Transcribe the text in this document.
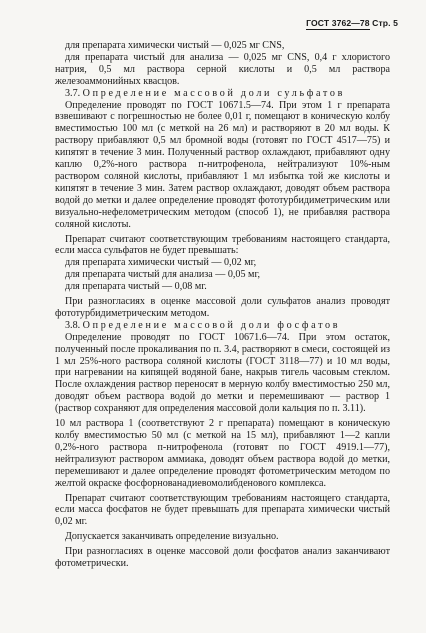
ГОСТ 3762—78 Стр. 5

для препарата химически чистый — 0,025 мг CNS,

для препарата чистый для анализа — 0,025 мг CNS, 0,4 г хлористого натрия, 0,5 мл раствора серной кислоты и 0,5 мл раствора железоаммонийных квасцов.

3.7. Определение массовой доли сульфатов

Определение проводят по ГОСТ 10671.5—74. При этом 1 г препарата взвешивают с погрешностью не более 0,01 г, помещают в коническую колбу вместимостью 100 мл (с меткой на 26 мл) и растворяют в 20 мл воды. К раствору прибавляют 0,5 мл бромной воды (готовят по ГОСТ 4517—75) и кипятят в течение 3 мин. Полученный раствор охлаждают, прибавляют одну каплю 0,2%-ного раствора п-нитрофенола, нейтрализуют 10%-ным раствором соляной кислоты, прибавляют 1 мл избытка той же кислоты и кипятят в течение 3 мин. Затем раствор охлаждают, доводят объем раствора водой до метки и далее определение проводят фототурбидиметрическим или визуально-нефелометрическим методом (способ 1), не прибавляя раствора соляной кислоты.

Препарат считают соответствующим требованиям настоящего стандарта, если масса сульфатов не будет превышать:

для препарата химически чистый — 0,02 мг,

для препарата чистый для анализа — 0,05 мг,

для препарата чистый — 0,08 мг.

При разногласиях в оценке массовой доли сульфатов анализ проводят фототурбидиметрическим методом.

3.8. Определение массовой доли фосфатов

Определение проводят по ГОСТ 10671.6—74. При этом остаток, полученный после прокаливания по п. 3.4, растворяют в смеси, состоящей из 1 мл 25%-ного раствора соляной кислоты (ГОСТ 3118—77) и 10 мл воды, при нагревании на кипящей водяной бане, накрыв тигель часовым стеклом. После охлаждения раствор переносят в мерную колбу вместимостью 250 мл, доводят объем раствора водой до метки и перемешивают — раствор 1 (раствор сохраняют для определения массовой доли кальция по п. 3.11).

10 мл раствора 1 (соответствуют 2 г препарата) помещают в коническую колбу вместимостью 50 мл (с меткой на 15 мл), прибавляют 1—2 капли 0,2%-ного раствора п-нитрофенола (готовят по ГОСТ 4919.1—77), нейтрализуют раствором аммиака, доводят объем раствора водой до метки, перемешивают и далее определение проводят фотометрическим методом по желтой окраске фосфорнованадиевомолибденового комплекса.

Препарат считают соответствующим требованиям настоящего стандарта, если масса фосфатов не будет превышать для препарата химически чистый 0,02 мг.

Допускается заканчивать определение визуально.

При разногласиях в оценке массовой доли фосфатов анализ заканчивают фотометрически.
